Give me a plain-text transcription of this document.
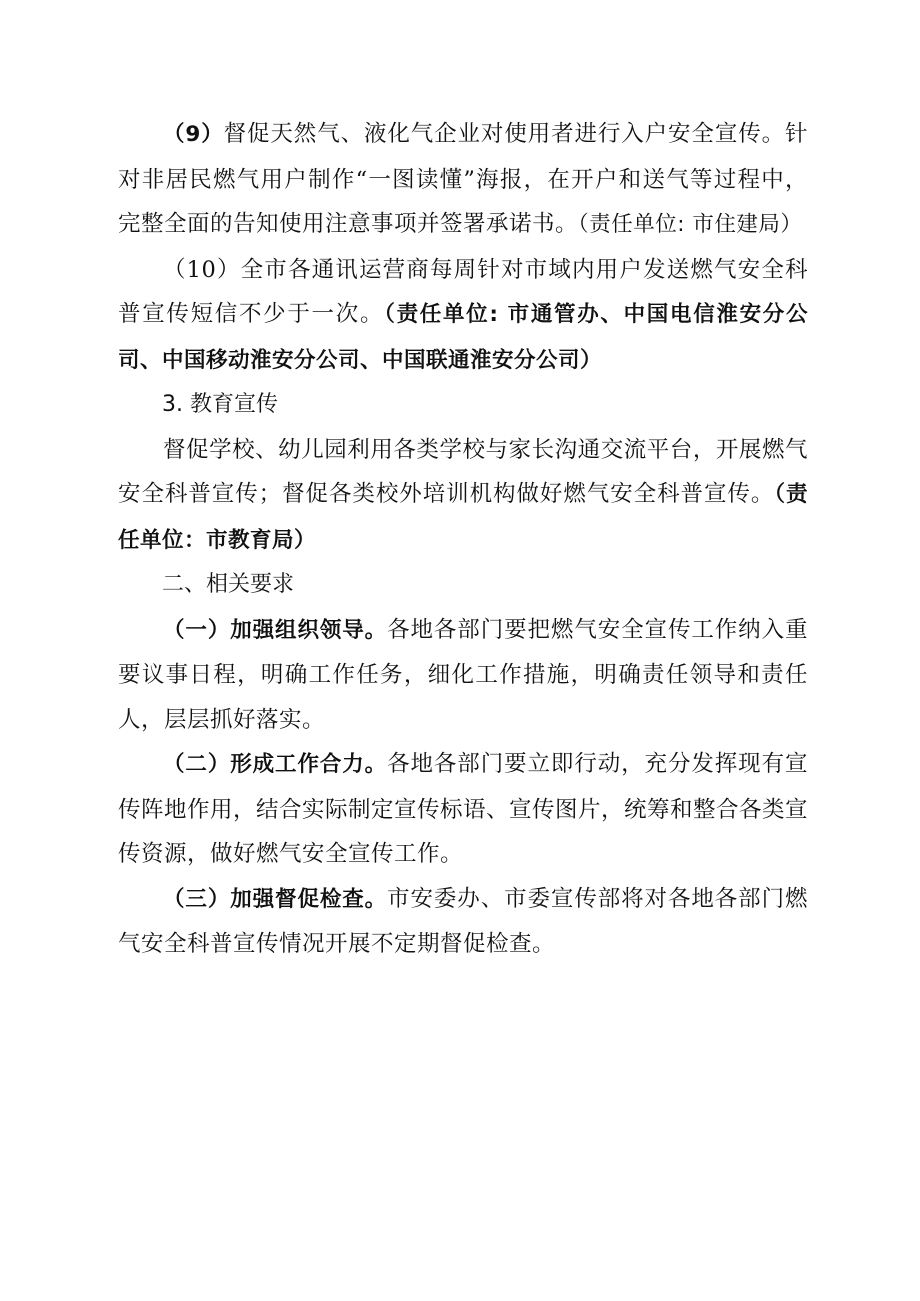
（9）督促天然气、液化气企业对使用者进行入户安全宣传。针对非居民燃气用户制作“一图读懂”海报，在开户和送气等过程中，完整全面的告知使用注意事项并签署承诺书。（责任单位: 市住建局）

（10）全市各通讯运营商每周针对市域内用户发送燃气安全科普宣传短信不少于一次。（责任单位: 市通管办、中国电信淮安分公司、中国移动淮安分公司、中国联通淮安分公司）

3. 教育宣传

督促学校、幼儿园利用各类学校与家长沟通交流平台，开展燃气安全科普宣传；督促各类校外培训机构做好燃气安全科普宣传。（责任单位：市教育局）

二、相关要求

（一）加强组织领导。各地各部门要把燃气安全宣传工作纳入重要议事日程，明确工作任务，细化工作措施，明确责任领导和责任人，层层抓好落实。

（二）形成工作合力。各地各部门要立即行动，充分发挥现有宣传阵地作用，结合实际制定宣传标语、宣传图片，统筹和整合各类宣传资源，做好燃气安全宣传工作。

（三）加强督促检查。市安委办、市委宣传部将对各地各部门燃气安全科普宣传情况开展不定期督促检查。
